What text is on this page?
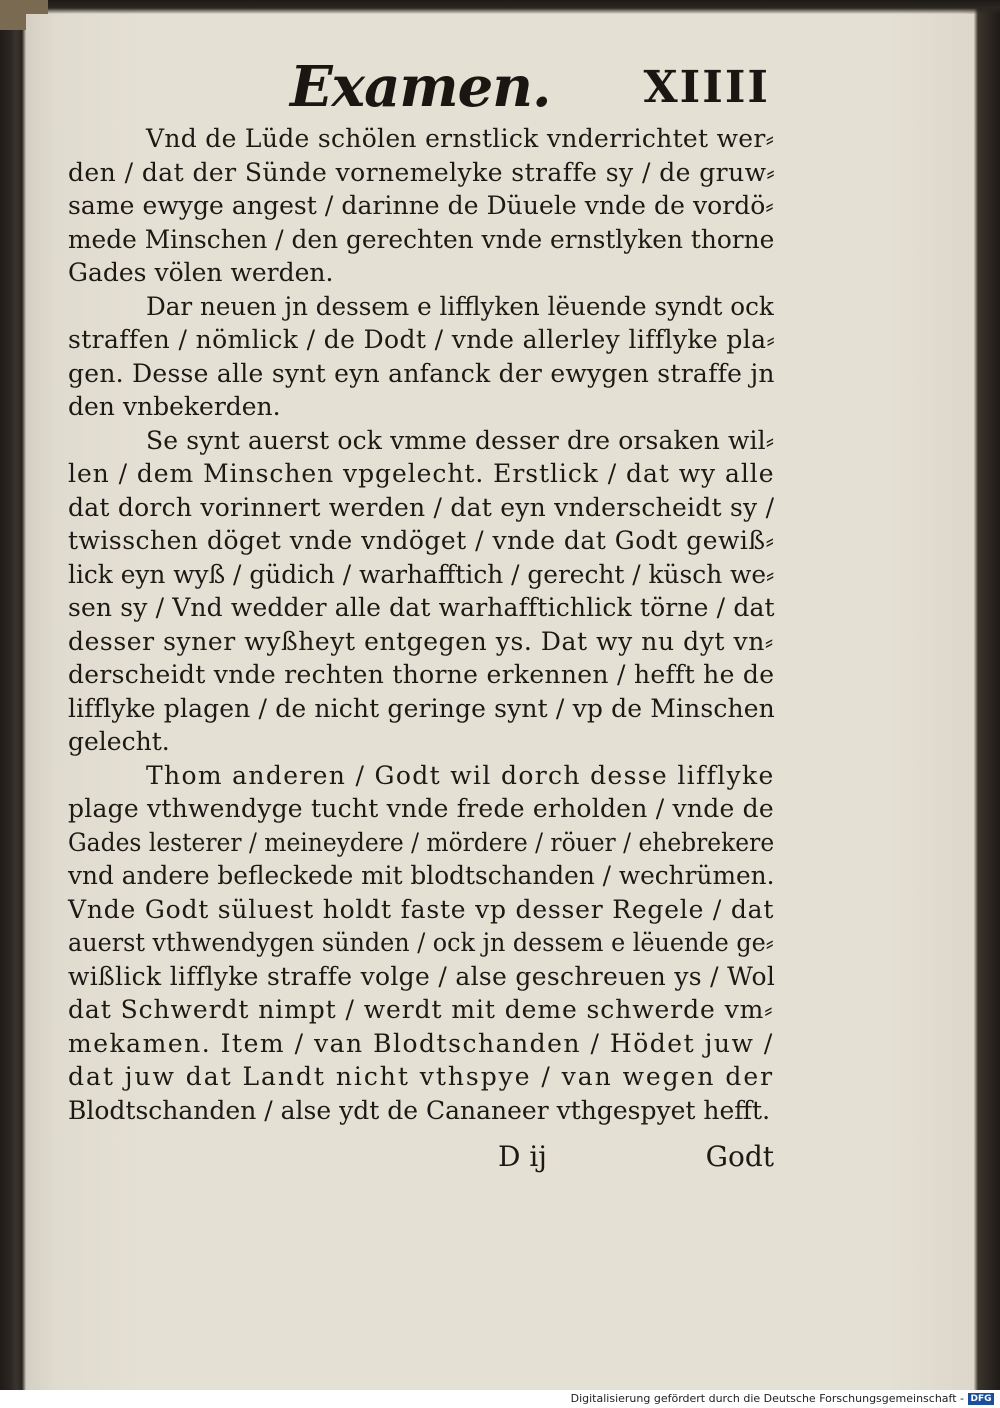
Examen. XIIII
Vnd de Lüde schölen ernstlick vnderrichtet wer⸗
den / dat der Sünde vornemelyke straffe sy / de gruw⸗
same ewyge angest / darinne de Düuele vnde de vordö⸗
mede Minschen / den gerechten vnde ernstlyken thorne
Gades völen werden.
Dar neuen jn dessem e lifflyken lëuende syndt ock
straffen / nömlick / de Dodt / vnde allerley lifflyke pla⸗
gen. Desse alle synt eyn anfanck der ewygen straffe jn
den vnbekerden.
Se synt auerst ock vmme desser dre orsaken wil⸗
len / dem Minschen vpgelecht. Erstlick / dat wy alle
dat dorch vorinnert werden / dat eyn vnderscheidt sy /
twisschen döget vnde vndöget / vnde dat Godt gewiß⸗
lick eyn wyß / güdich / warhafftich / gerecht / küsch we⸗
sen sy / Vnd wedder alle dat warhafftichlick törne / dat
desser syner wyßheyt entgegen ys. Dat wy nu dyt vn⸗
derscheidt vnde rechten thorne erkennen / hefft he de
lifflyke plagen / de nicht geringe synt / vp de Minschen
gelecht.
Thom anderen / Godt wil dorch desse lifflyke
plage vthwendyge tucht vnde frede erholden / vnde de
Gades lesterer / meineydere / mördere / röuer / ehebrekere
vnd andere befleckede mit blodtschanden / wechrümen.
Vnde Godt süluest holdt faste vp desser Regele / dat
auerst vthwendygen sünden / ock jn dessem e lëuende ge⸗
wißlick lifflyke straffe volge / alse geschreuen ys / Wol
dat Schwerdt nimpt / werdt mit deme schwerde vm⸗
mekamen. Item / van Blodtschanden / Hödet juw /
dat juw dat Landt nicht vthspye / van wegen der
Blodtschanden / alse ydt de Cananeer vthgespyet hefft.
D ij	Godt
Digitalisierung gefördert durch die Deutsche Forschungsgemeinschaft - DFG
